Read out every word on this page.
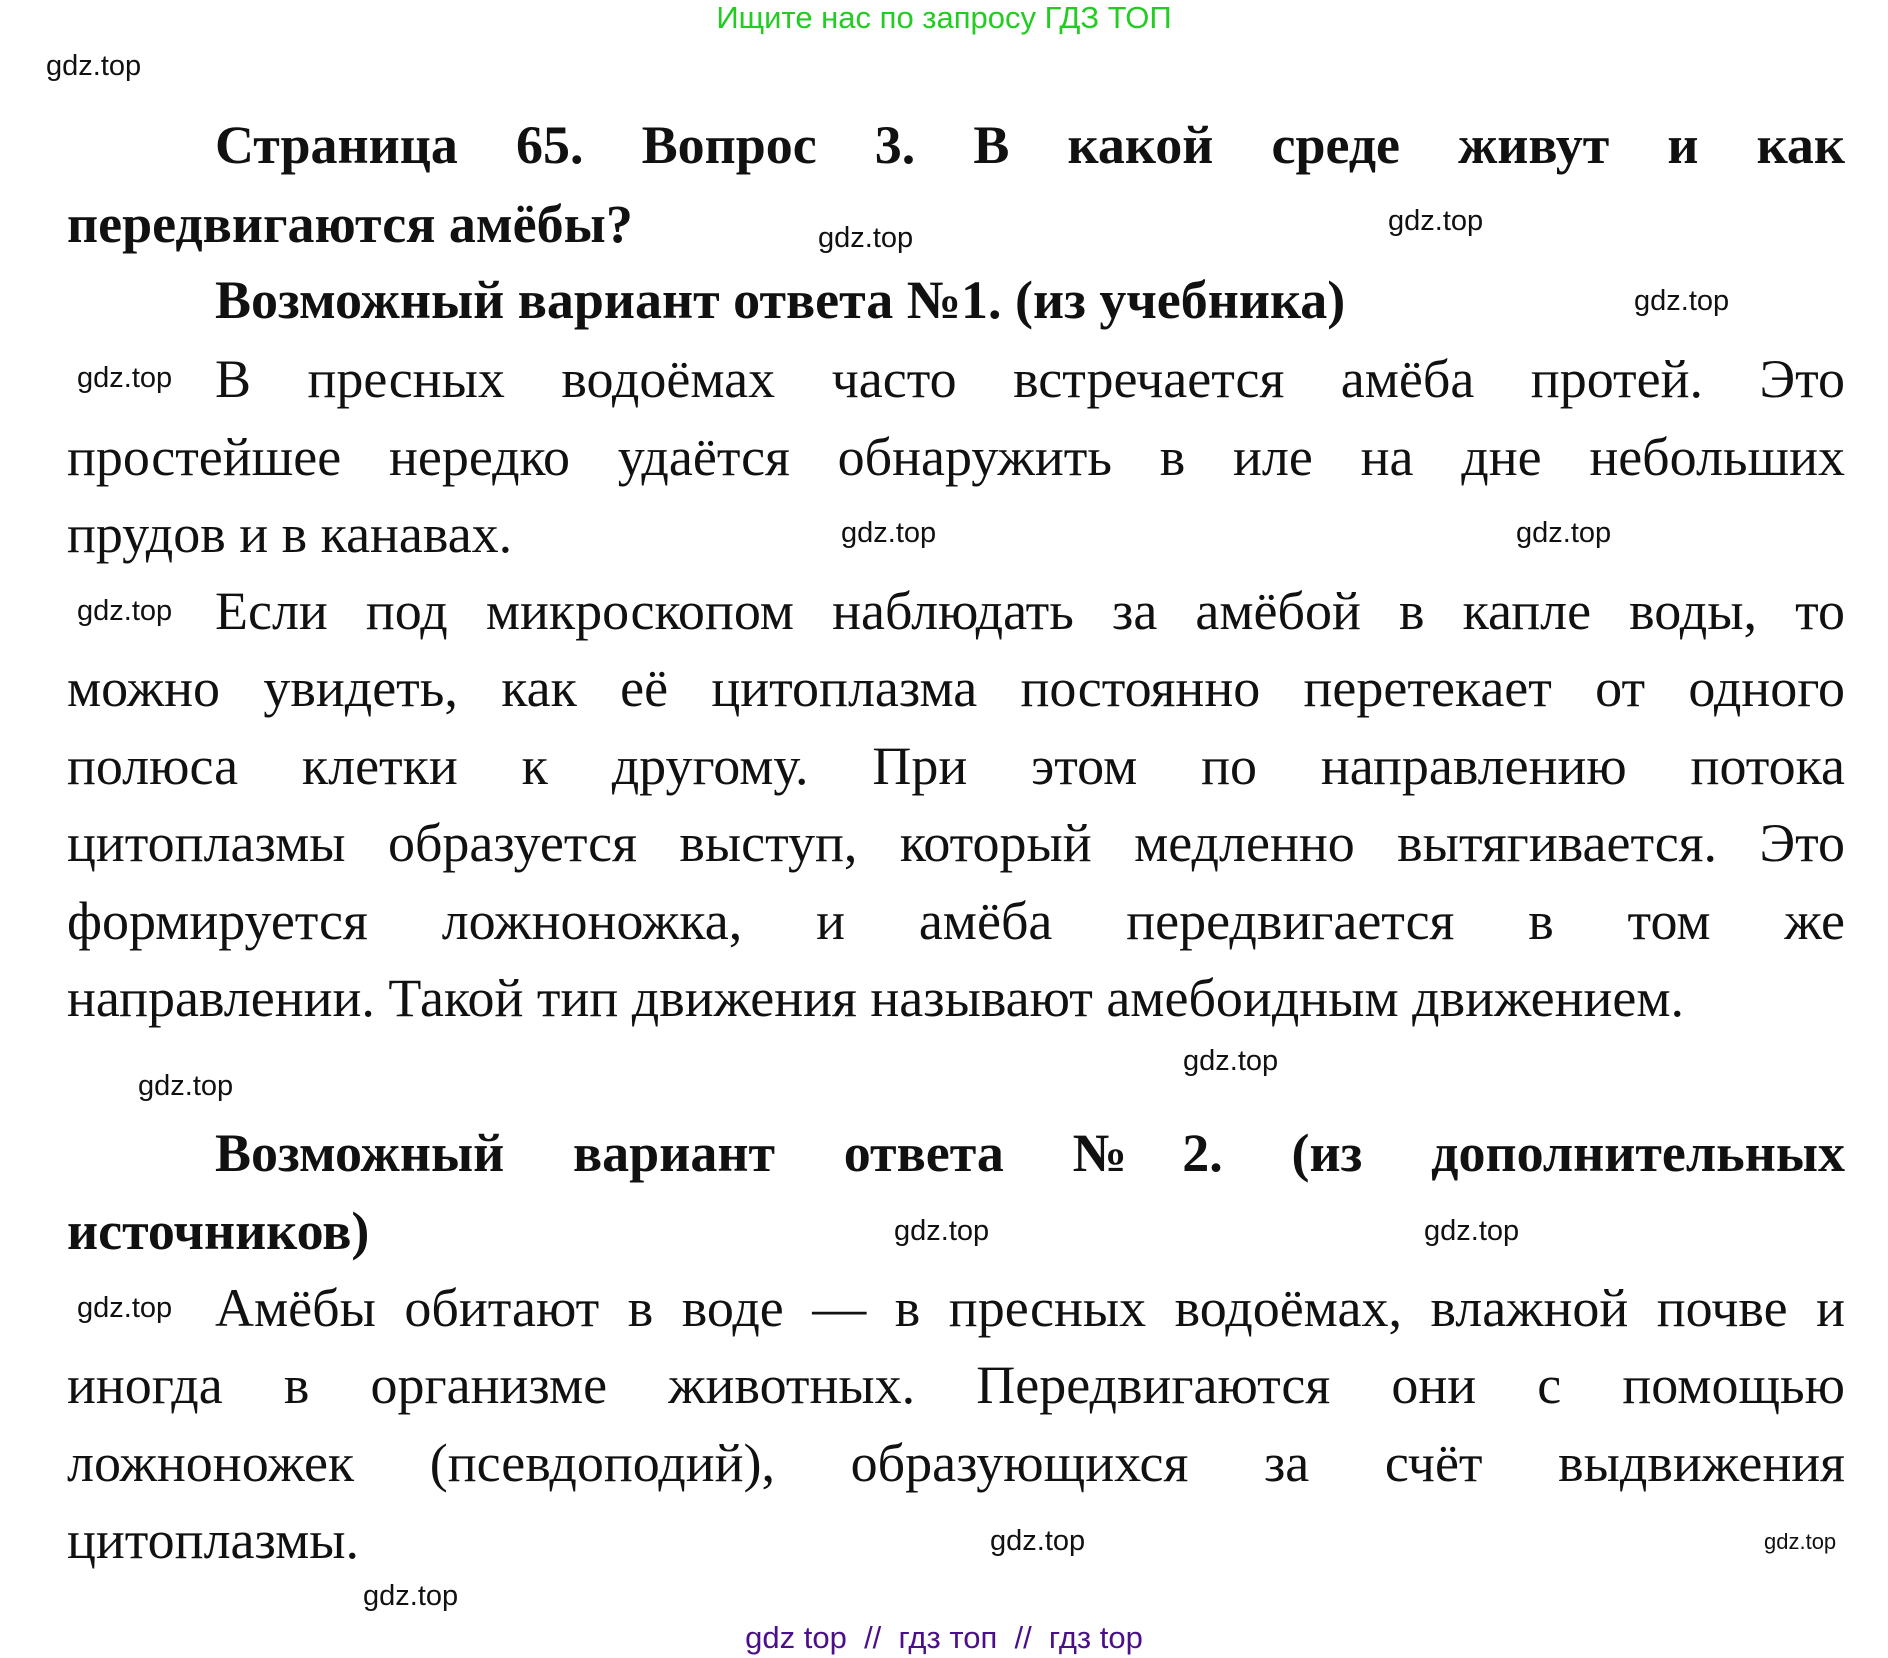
Ищите нас по запросу ГДЗ ТОП
Страница 65. Вопрос 3. В какой среде живут и как
передвигаются амёбы?
Возможный вариант ответа №1. (из учебника)
В пресных водоёмах часто встречается амёба протей. Это
простейшее нередко удаётся обнаружить в иле на дне небольших
прудов и в канавах.
Если под микроскопом наблюдать за амёбой в капле воды, то
можно увидеть, как её цитоплазма постоянно перетекает от одного
полюса клетки к другому. При этом по направлению потока
цитоплазмы образуется выступ, который медленно вытягивается. Это
формируется ложноножка, и амёба передвигается в том же
направлении. Такой тип движения называют амебоидным движением.
Возможный вариант ответа №2. (из дополнительных
источников)
Амёбы обитают в воде — в пресных водоёмах, влажной почве и
иногда в организме животных. Передвигаются они с помощью
ложноножек (псевдоподий), образующихся за счёт выдвижения
цитоплазмы.
gdz.top
gdz.top
gdz.top
gdz.top
gdz.top
gdz.top	gdz.top
gdz.top
gdz.top
gdz.top
gdz.top	gdz.top
gdz.top
gdz.top
gdz.top
gdz.top
gdz top  //  гдз топ  //  гдз top
